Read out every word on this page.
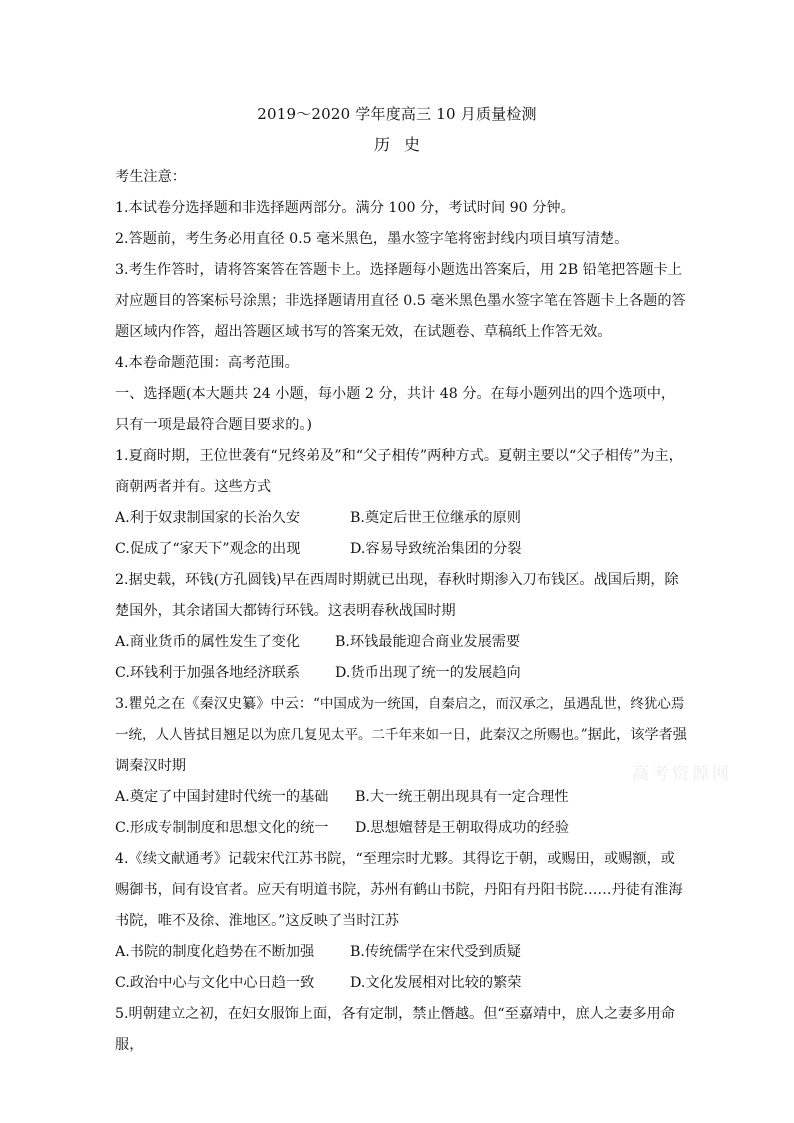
2019～2020 学年度高三 10 月质量检测
历史

考生注意：

1.本试卷分选择题和非选择题两部分。满分 100 分，考试时间 90 分钟。

2.答题前，考生务必用直径 0.5 毫米黑色，墨水签字笔将密封线内项目填写清楚。

3.考生作答时，请将答案答在答题卡上。选择题每小题选出答案后，用 2B 铅笔把答题卡上对应题目的答案标号涂黑；非选择题请用直径 0.5 毫米黑色墨水签字笔在答题卡上各题的答题区域内作答，超出答题区域书写的答案无效，在试题卷、草稿纸上作答无效。

4.本卷命题范围：高考范围。

一、选择题(本大题共 24 小题，每小题 2 分，共计 48 分。在每小题列出的四个选项中，只有一项是最符合题目要求的。)

1.夏商时期，王位世袭有“兄终弟及”和“父子相传”两种方式。夏朝主要以“父子相传”为主，商朝两者并有。这些方式

A.利于奴隶制国家的长治久安	B.奠定后世王位继承的原则
C.促成了“家天下”观念的出现	D.容易导致统治集团的分裂

2.据史载，环钱(方孔圆钱)早在西周时期就已出现，春秋时期渗入刀布钱区。战国后期，除楚国外，其余诸国大都铸行环钱。这表明春秋战国时期

A.商业货币的属性发生了变化	B.环钱最能迎合商业发展需要
C.环钱利于加强各地经济联系	D.货币出现了统一的发展趋向

3.瞿兑之在《秦汉史纂》中云：“中国成为一统国，自秦启之，而汉承之，虽遇乱世，终犹心焉一统，人人皆拭目翘足以为庶几复见太平。二千年来如一日，此秦汉之所赐也。”据此，该学者强调秦汉时期

A.奠定了中国封建时代统一的基础	B.大一统王朝出现具有一定合理性
C.形成专制制度和思想文化的统一	D.思想嬗替是王朝取得成功的经验

4.《续文献通考》记载宋代江苏书院，“至理宗时尤夥。其得讫于朝，或赐田，或赐额，或赐御书，间有设官者。应天有明道书院，苏州有鹤山书院，丹阳有丹阳书院……丹徒有淮海书院，唯不及徐、淮地区。”这反映了当时江苏

A.书院的制度化趋势在不断加强	B.传统儒学在宋代受到质疑
C.政治中心与文化中心日趋一致	D.文化发展相对比较的繁荣

5.明朝建立之初，在妇女服饰上面，各有定制，禁止僭越。但“至嘉靖中，庶人之妻多用命服，

高考资源网
